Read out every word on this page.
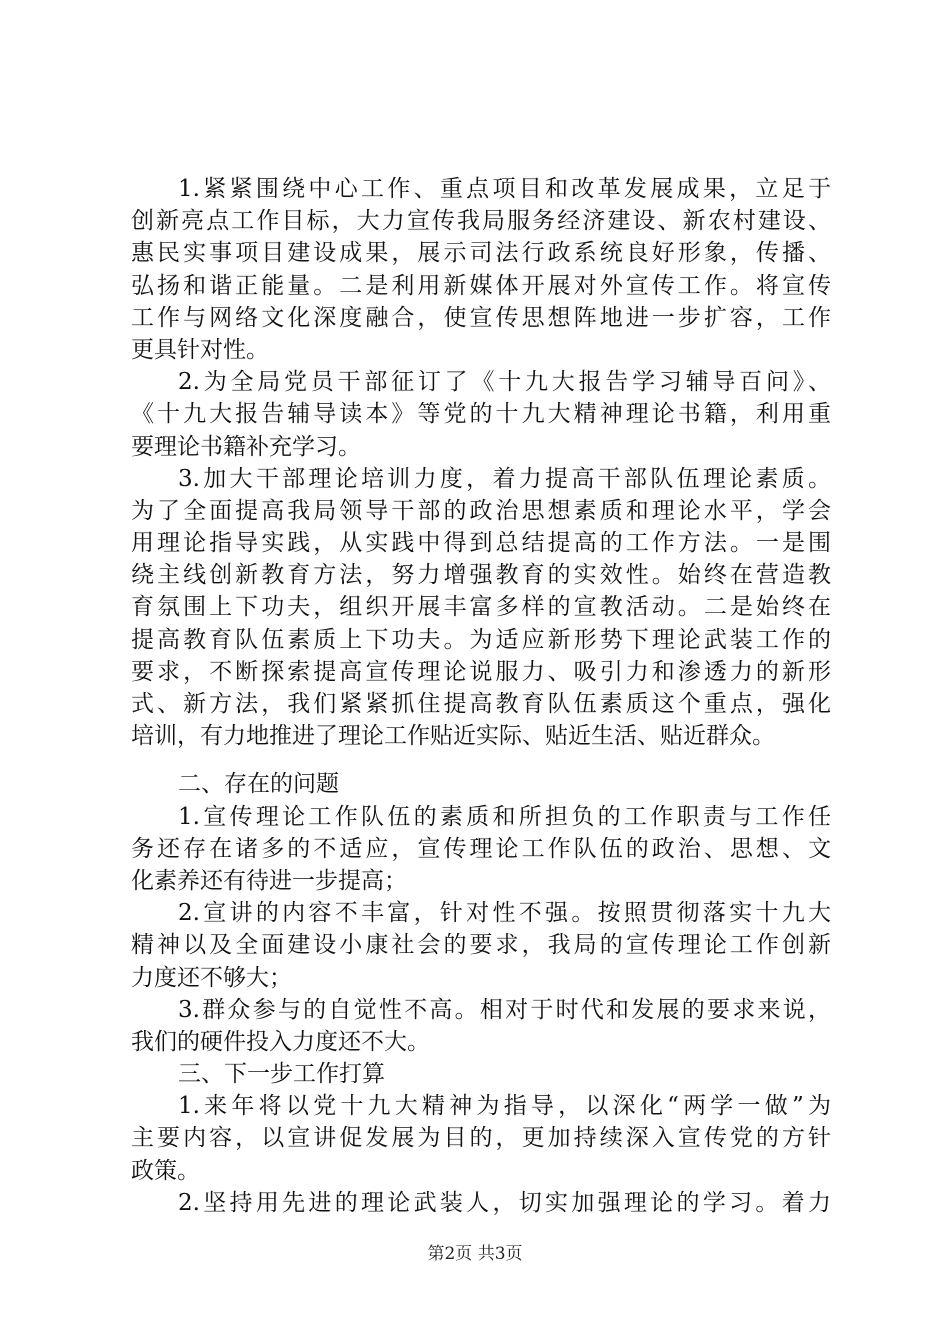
1.紧紧围绕中心工作、重点项目和改革发展成果，立足于
创新亮点工作目标，大力宣传我局服务经济建设、新农村建设、
惠民实事项目建设成果，展示司法行政系统良好形象，传播、
弘扬和谐正能量。二是利用新媒体开展对外宣传工作。将宣传
工作与网络文化深度融合，使宣传思想阵地进一步扩容，工作
更具针对性。
2.为全局党员干部征订了《十九大报告学习辅导百问》、
《十九大报告辅导读本》等党的十九大精神理论书籍，利用重
要理论书籍补充学习。
3.加大干部理论培训力度，着力提高干部队伍理论素质。
为了全面提高我局领导干部的政治思想素质和理论水平，学会
用理论指导实践，从实践中得到总结提高的工作方法。一是围
绕主线创新教育方法，努力增强教育的实效性。始终在营造教
育氛围上下功夫，组织开展丰富多样的宣教活动。二是始终在
提高教育队伍素质上下功夫。为适应新形势下理论武装工作的
要求，不断探索提高宣传理论说服力、吸引力和渗透力的新形
式、新方法，我们紧紧抓住提高教育队伍素质这个重点，强化
培训，有力地推进了理论工作贴近实际、贴近生活、贴近群众。
二、存在的问题
1.宣传理论工作队伍的素质和所担负的工作职责与工作任
务还存在诸多的不适应，宣传理论工作队伍的政治、思想、文
化素养还有待进一步提高；
2.宣讲的内容不丰富，针对性不强。按照贯彻落实十九大
精神以及全面建设小康社会的要求，我局的宣传理论工作创新
力度还不够大；
3.群众参与的自觉性不高。相对于时代和发展的要求来说，
我们的硬件投入力度还不大。
三、下一步工作打算
1.来年将以党十九大精神为指导，以深化“两学一做”为
主要内容，以宣讲促发展为目的，更加持续深入宣传党的方针
政策。
2.坚持用先进的理论武装人，切实加强理论的学习。着力
第2页 共3页
